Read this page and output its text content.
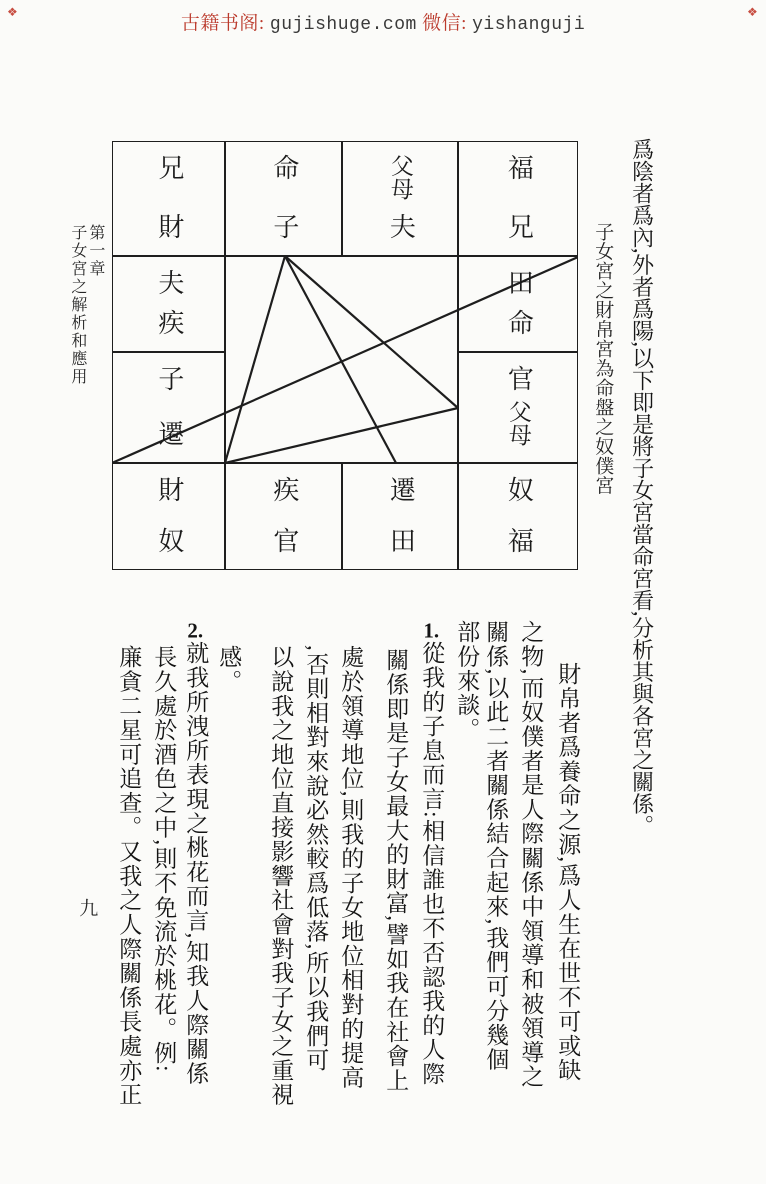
古籍书阁: gujishuge.com 微信: yishanguji
❖	❖
兄
財
命
子
父母
夫
福
兄
夫
疾
田
命
子
遷
官
父母
財
奴
疾
官
遷
田
奴
福
子女宮之財帛宮為命盤之奴僕宮 爲陰者爲內,外者爲陽,以下即是將子女宮當命宮看,分析其與各宮之關係。
第一章
子女宮之解析和應用
九	財帛者爲養命之源,爲人生在世不可或缺
之物,而奴僕者是人際關係中領導和被領導之
關係,以此二者關係結合起來,我們可分幾個
部份來談。
1.從我的子息而言:相信誰也不否認我的人際
關係即是子女最大的財富,譬如我在社會上
處於領導地位,則我的子女地位相對的提高
,否則相對來說必然較爲低落,所以我們可
以說我之地位直接影響社會對我子女之重視
感。
2.就我所洩所表現之桃花而言,知我人際關係
長久處於酒色之中,則不免流於桃花。例:
廉貪二星可追查。又我之人際關係長處亦正
